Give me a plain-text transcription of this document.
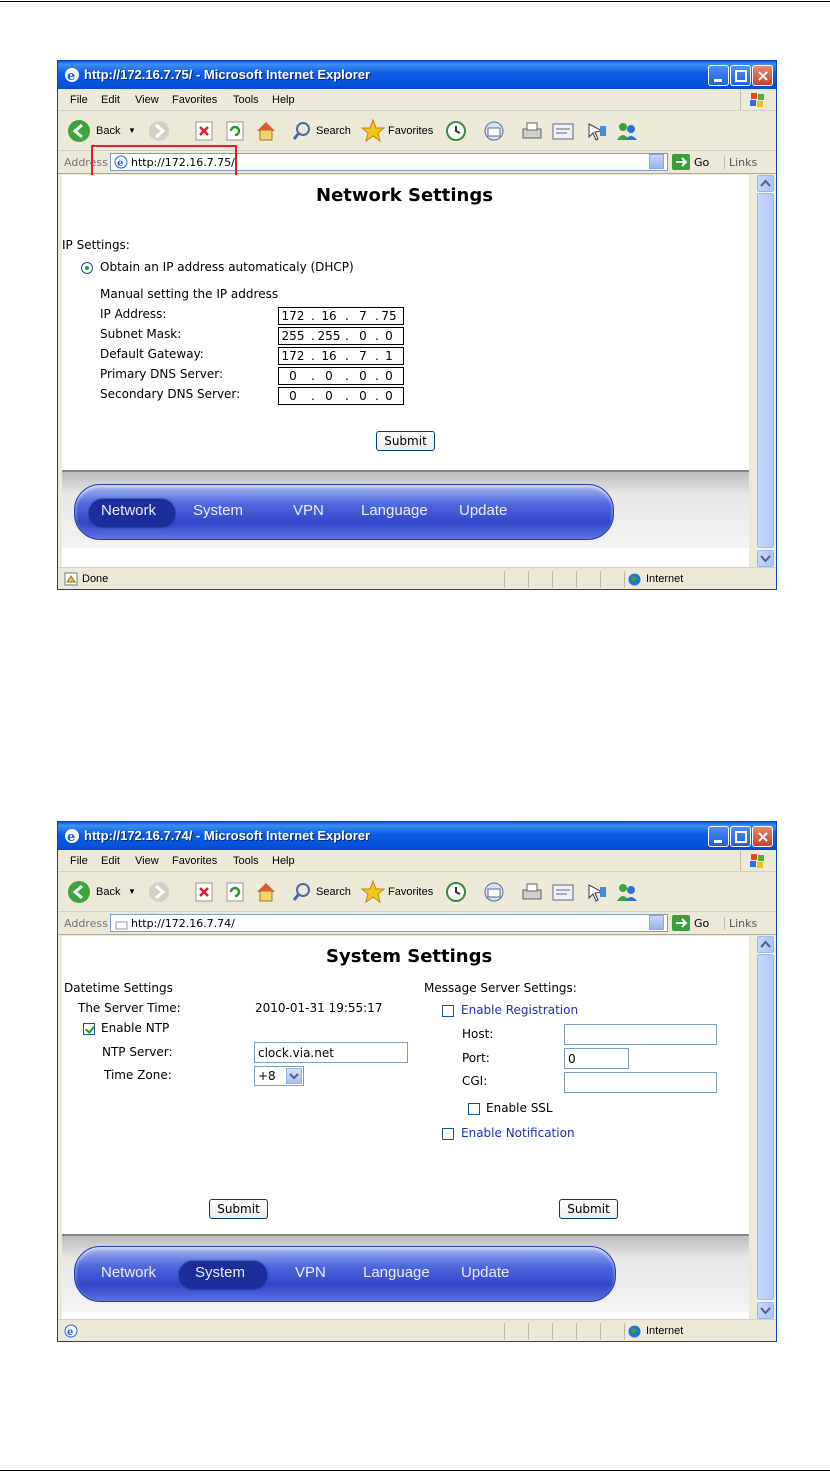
e http://172.16.7.75/ - Microsoft Internet Explorer
File Edit View Favorites Tools Help
Back ▼	Search	Favorites
Address e http://172.16.7.75/	Go	Links
Network Settings
IP Settings:
Obtain an IP address automaticaly (DHCP)
Manual setting the IP address
IP Address:	172 . 16 . 7 . 75
Subnet Mask:	255 . 255 . 0 . 0
Default Gateway:	172 . 16 . 7 . 1
Primary DNS Server:	0	. 0	. 0 . 0
Secondary DNS Server:	0	. 0	. 0 . 0
Submit
Network System	VPN Language Update
Done	Internet
e http://172.16.7.74/ - Microsoft Internet Explorer
File Edit View Favorites Tools Help
Back ▼	Search	Favorites
Address http://172.16.7.74/	Go	Links
System Settings
Datetime Settings
The Server Time:	2010-01-31 19:55:17
Enable NTP
NTP Server:	clock.via.net
Time Zone:	+8
Message Server Settings:
Enable Registration
Host:
Port:	0
CGI:
Enable SSL
Enable Notification
Submit	Submit
Network	System	VPN Language Update
e	Internet
